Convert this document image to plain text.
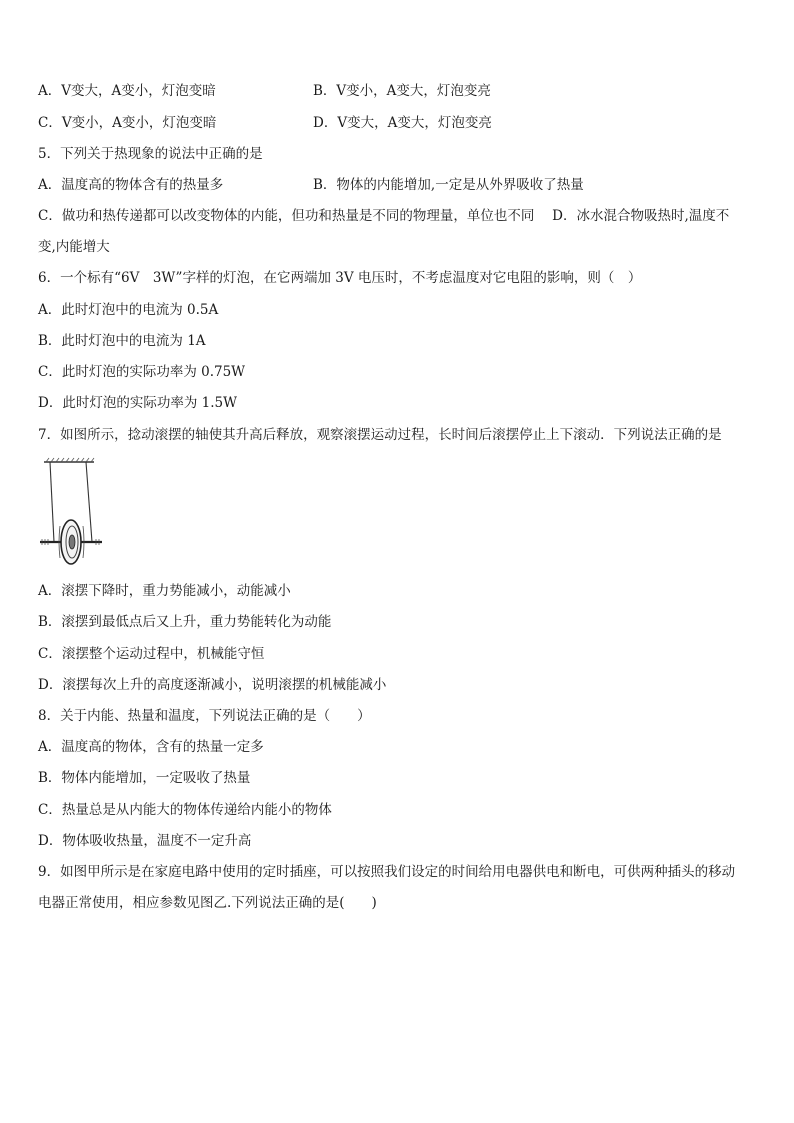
A．V变大，A变小，灯泡变暗	B．V变小，A变大，灯泡变亮
C．V变小，A变小，灯泡变暗	D．V变大，A变大，灯泡变亮
5．下列关于热现象的说法中正确的是
A．温度高的物体含有的热量多	B．物体的内能增加,一定是从外界吸收了热量
C．做功和热传递都可以改变物体的内能，但功和热量是不同的物理量，单位也不同　 D．冰水混合物吸热时,温度不
变,内能增大
6．一个标有“6V　3W”字样的灯泡，在它两端加 3V 电压时，不考虑温度对它电阻的影响，则（　）
A．此时灯泡中的电流为 0.5A
B．此时灯泡中的电流为 1A
C．此时灯泡的实际功率为 0.75W
D．此时灯泡的实际功率为 1.5W
7．如图所示，捻动滚摆的轴使其升高后释放，观察滚摆运动过程，长时间后滚摆停止上下滚动．下列说法正确的是
A．滚摆下降时，重力势能减小，动能减小
B．滚摆到最低点后又上升，重力势能转化为动能
C．滚摆整个运动过程中，机械能守恒
D．滚摆每次上升的高度逐渐减小，说明滚摆的机械能减小
8．关于内能、热量和温度，下列说法正确的是（　　）
A．温度高的物体，含有的热量一定多
B．物体内能增加，一定吸收了热量
C．热量总是从内能大的物体传递给内能小的物体
D．物体吸收热量，温度不一定升高
9．如图甲所示是在家庭电路中使用的定时插座，可以按照我们设定的时间给用电器供电和断电，可供两种插头的移动
电器正常使用，相应参数见图乙.下列说法正确的是(　　)
